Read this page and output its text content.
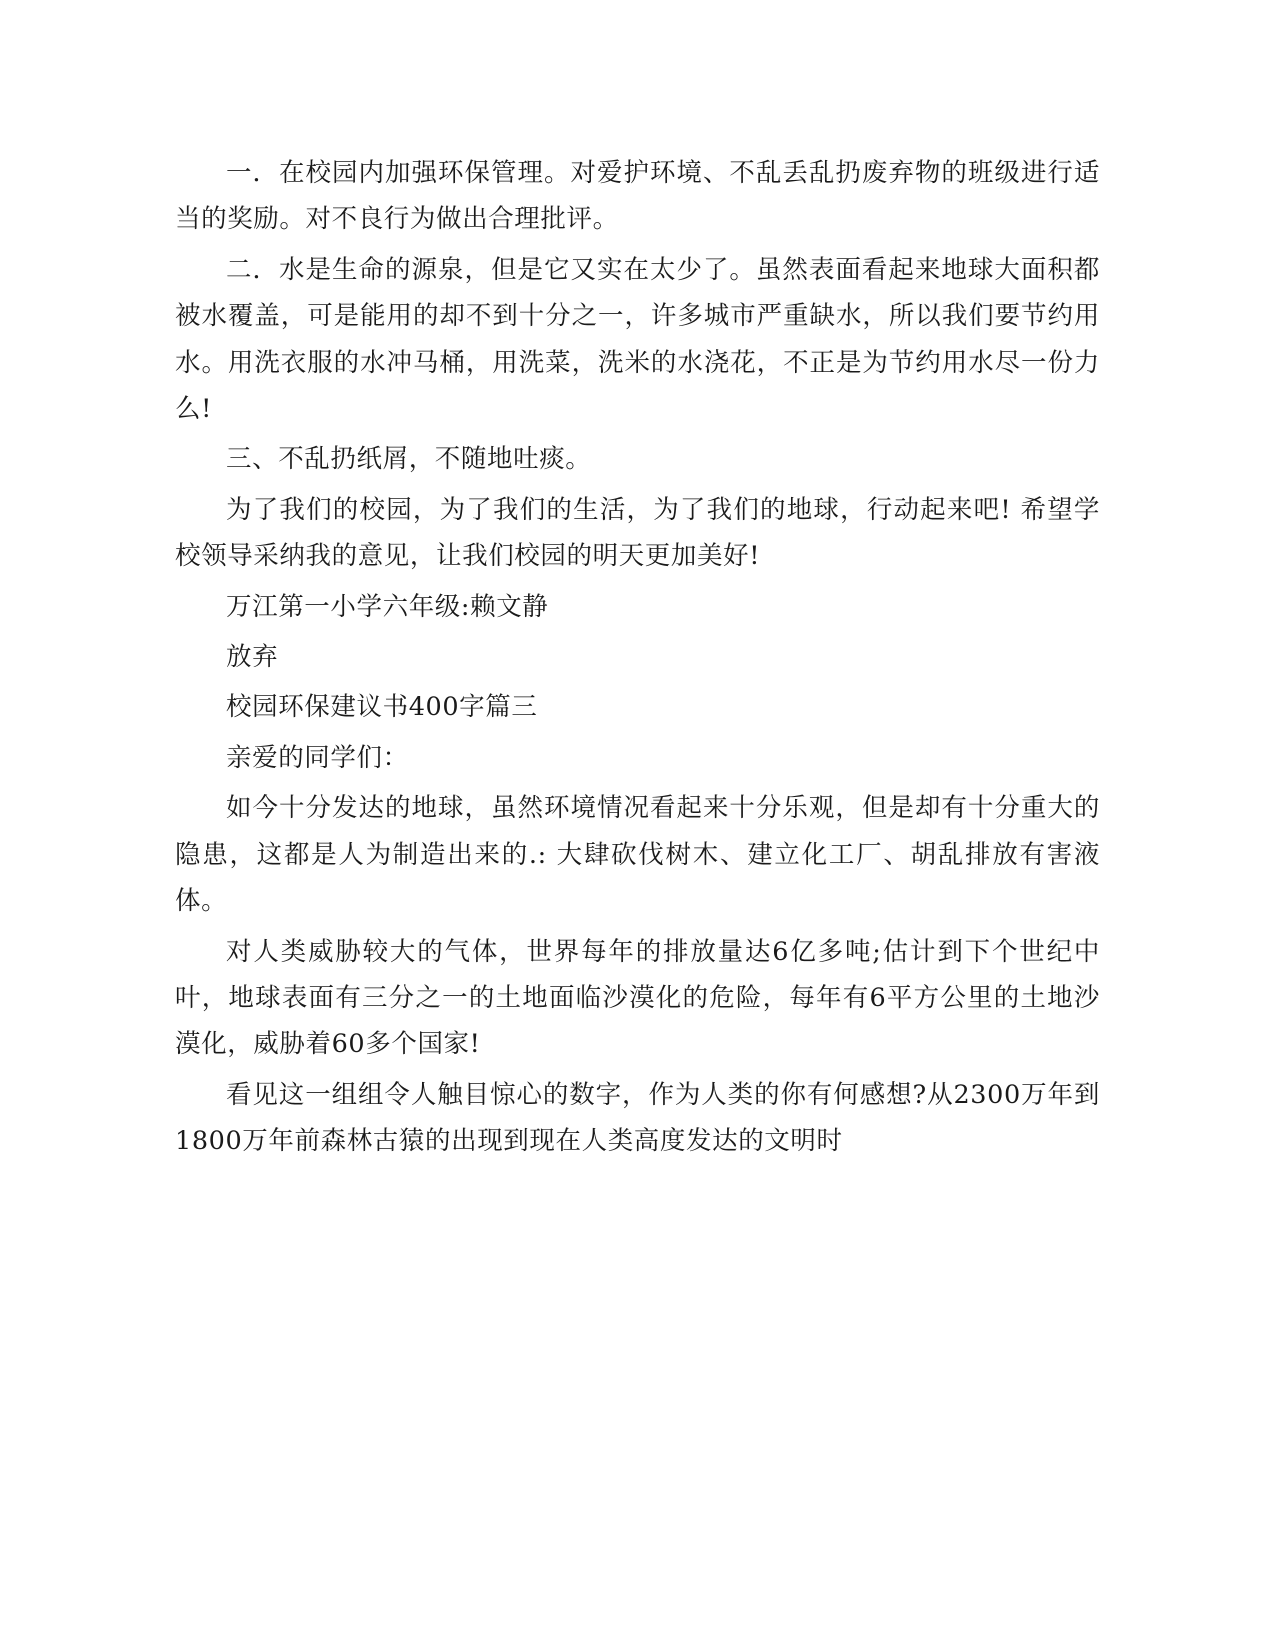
一．在校园内加强环保管理。对爱护环境、不乱丢乱扔废弃物的班级进行适当的奖励。对不良行为做出合理批评。

二．水是生命的源泉，但是它又实在太少了。虽然表面看起来地球大面积都被水覆盖，可是能用的却不到十分之一，许多城市严重缺水，所以我们要节约用水。用洗衣服的水冲马桶，用洗菜，洗米的水浇花，不正是为节约用水尽一份力么!

三、不乱扔纸屑，不随地吐痰。

为了我们的校园，为了我们的生活，为了我们的地球，行动起来吧! 希望学校领导采纳我的意见，让我们校园的明天更加美好!

万江第一小学六年级:赖文静

放弃

校园环保建议书400字篇三

亲爱的同学们：

如今十分发达的地球，虽然环境情况看起来十分乐观，但是却有十分重大的隐患，这都是人为制造出来的.: 大肆砍伐树木、建立化工厂、胡乱排放有害液体。

对人类威胁较大的气体，世界每年的排放量达6亿多吨;估计到下个世纪中叶，地球表面有三分之一的土地面临沙漠化的危险，每年有6平方公里的土地沙漠化，威胁着60多个国家!

看见这一组组令人触目惊心的数字，作为人类的你有何感想?从2300万年到1800万年前森林古猿的出现到现在人类高度发达的文明时
